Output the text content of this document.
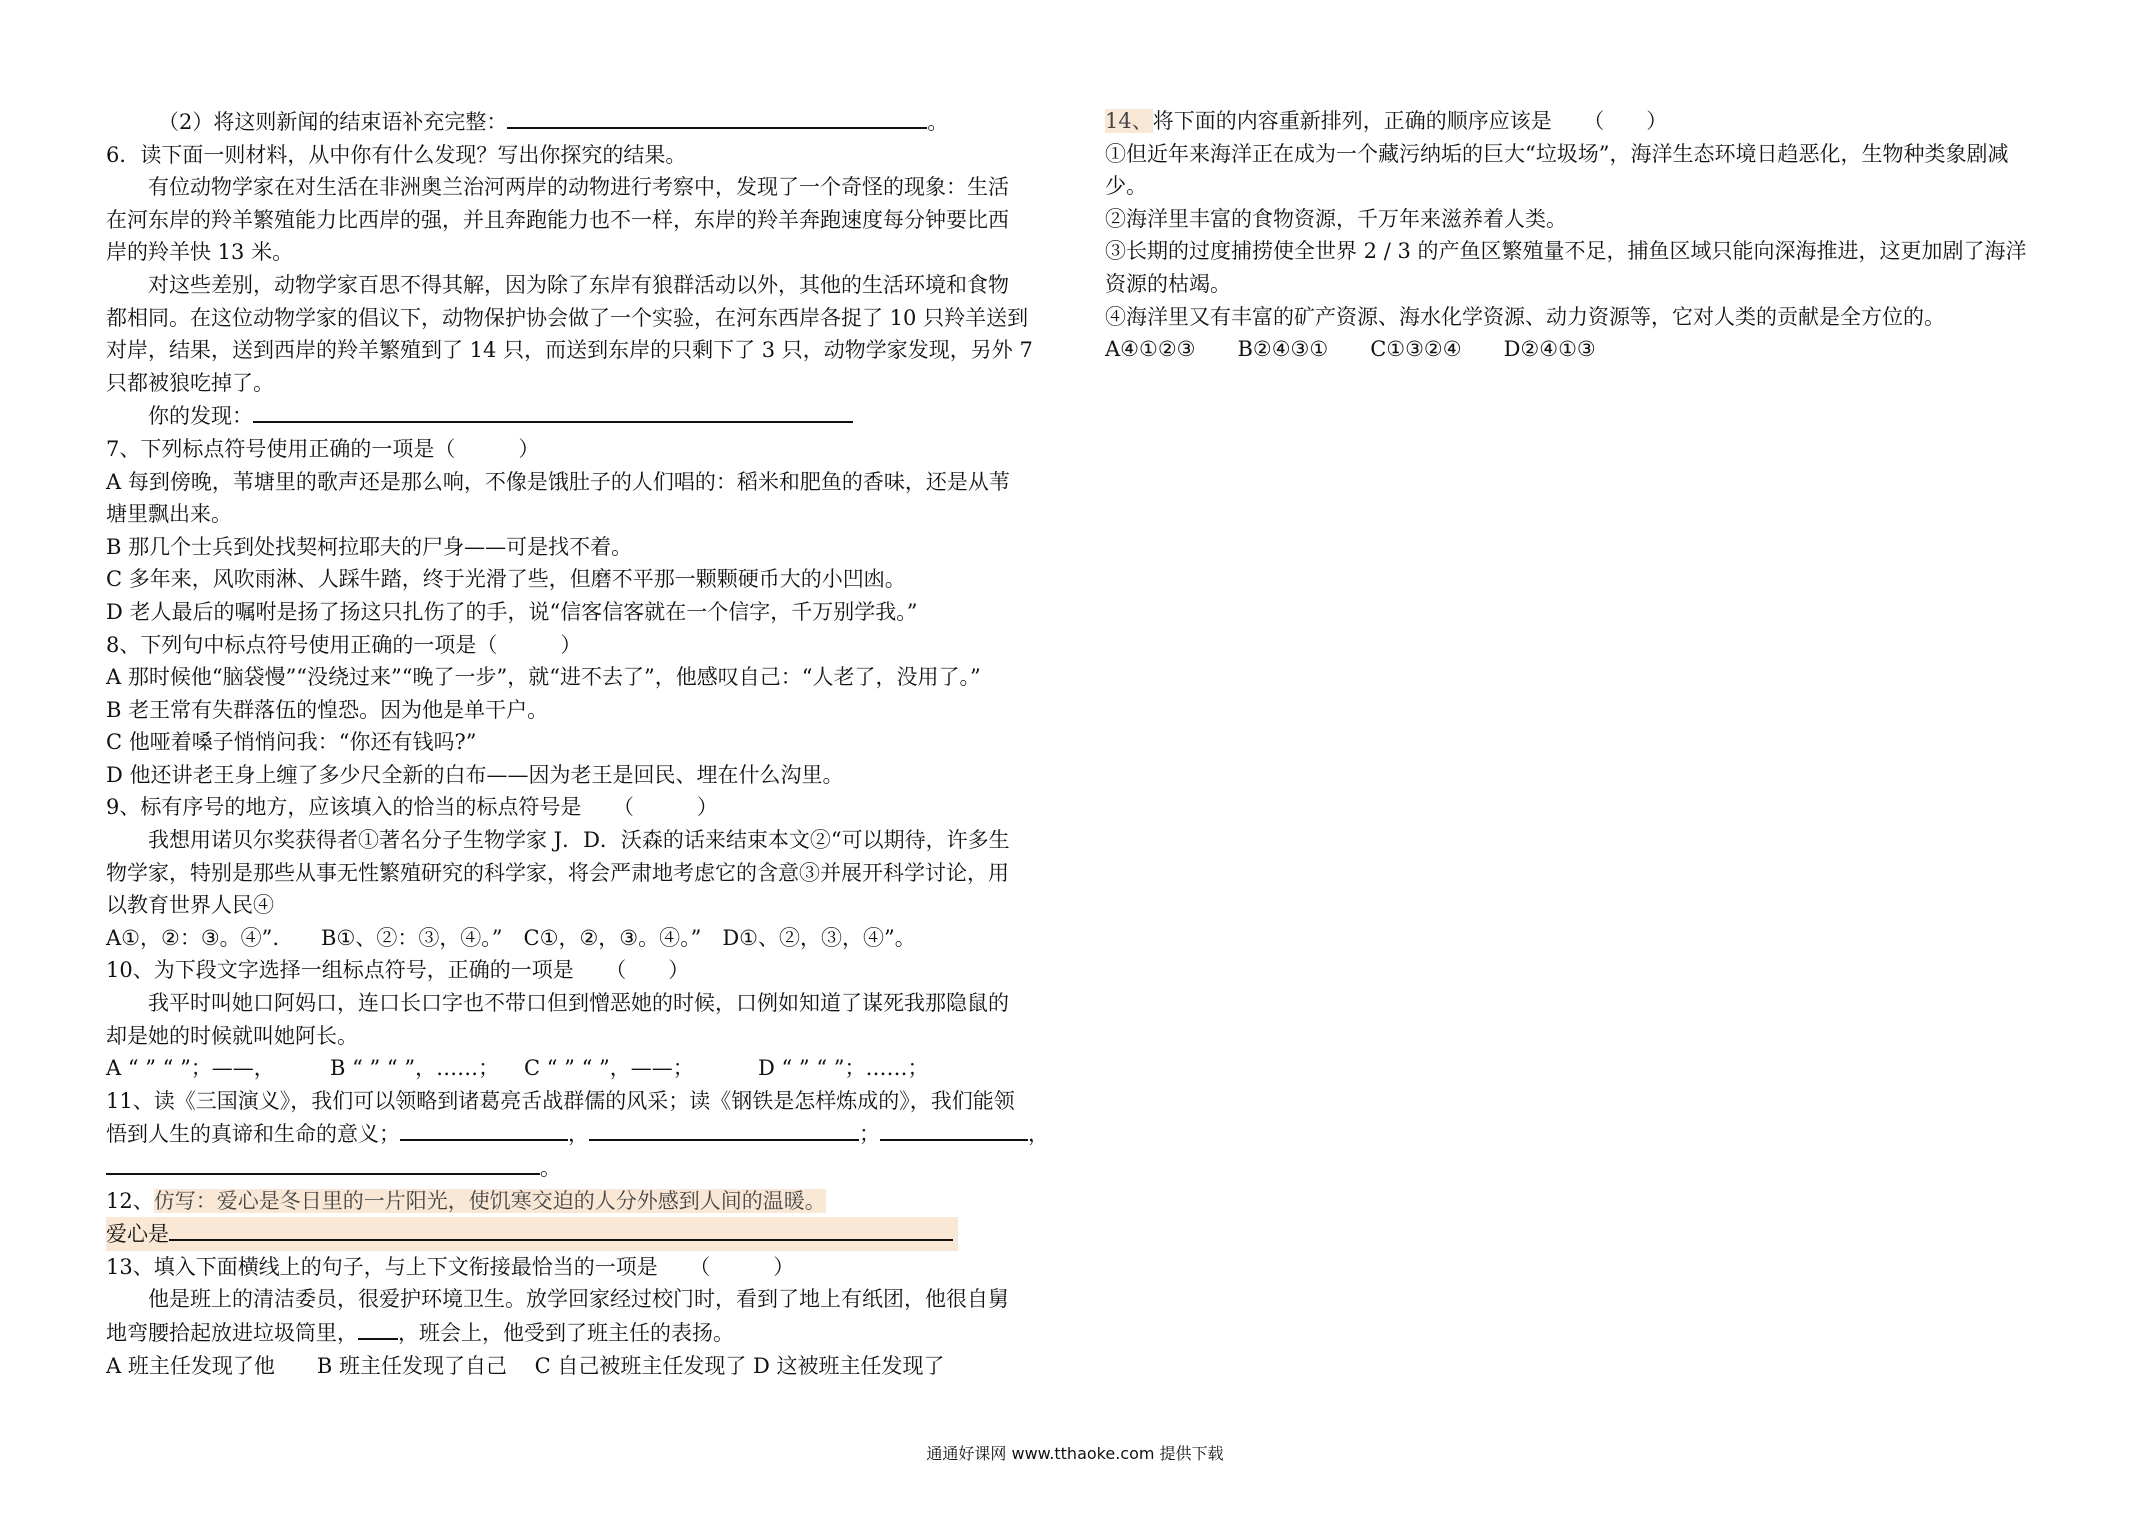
（2）将这则新闻的结束语补充完整：	。
6．读下面一则材料，从中你有什么发现？写出你探究的结果。
有位动物学家在对生活在非洲奥兰治河两岸的动物进行考察中，发现了一个奇怪的现象：生活
在河东岸的羚羊繁殖能力比西岸的强，并且奔跑能力也不一样，东岸的羚羊奔跑速度每分钟要比西
岸的羚羊快 13 米。
对这些差别，动物学家百思不得其解，因为除了东岸有狼群活动以外，其他的生活环境和食物
都相同。在这位动物学家的倡议下，动物保护协会做了一个实验，在河东西岸各捉了 10 只羚羊送到
对岸，结果，送到西岸的羚羊繁殖到了 14 只，而送到东岸的只剩下了 3 只，动物学家发现，另外 7
只都被狼吃掉了。
你的发现：
7、下列标点符号使用正确的一项是（　　　）
A 每到傍晚，苇塘里的歌声还是那么响，不像是饿肚子的人们唱的：稻米和肥鱼的香味，还是从苇
塘里飘出来。
B 那几个士兵到处找契柯拉耶夫的尸身——可是找不着。
C 多年来，风吹雨淋、人踩牛踏，终于光滑了些，但磨不平那一颗颗硬币大的小凹凼。
D 老人最后的嘱咐是扬了扬这只扎伤了的手，说“信客信客就在一个信字，千万别学我。”
8、下列句中标点符号使用正确的一项是（　　　）
A 那时候他“脑袋慢”“没绕过来”“晚了一步”，就“进不去了”，他感叹自己：“人老了，没用了。”
B 老王常有失群落伍的惶恐。因为他是单干户。
C 他哑着嗓子悄悄问我：“你还有钱吗?”
D 他还讲老王身上缠了多少尺全新的白布——因为老王是回民、埋在什么沟里。
9、标有序号的地方，应该填入的恰当的标点符号是　　（　　　）
我想用诺贝尔奖获得者①著名分子生物学家 J．D．沃森的话来结束本文②“可以期待，许多生
物学家，特别是那些从事无性繁殖研究的科学家，将会严肃地考虑它的含意③并展开科学讨论，用
以教育世界人民④
A①，②：③。④”.　　B①、②：③，④。”　C①，②，③。④。”　D①、②，③，④”。
10、为下段文字选择一组标点符号，正确的一项是　　（　　）
我平时叫她口阿妈口，连口长口字也不带口但到憎恶她的时候，口例如知道了谋死我那隐鼠的
却是她的时候就叫她阿长。
A “ ” “ ”；——，	B “ ” “ ”，……； C “ ” “ ”，——；	D “ ” “ ”；……；
11、读《三国演义》，我们可以领略到诸葛亮舌战群儒的风采；读《钢铁是怎样炼成的》，我们能领
悟到人生的真谛和生命的意义；	，	；	，
。
12、仿写：爱心是冬日里的一片阳光，使饥寒交迫的人分外感到人间的温暖。
爱心是
13、填入下面横线上的句子，与上下文衔接最恰当的一项是　　（　　　）
他是班上的清洁委员，很爱护环境卫生。放学回家经过校门时，看到了地上有纸团，他很自舅
地弯腰拾起放进垃圾筒里， ，班会上，他受到了班主任的表扬。
A 班主任发现了他　　B 班主任发现了自己　 C 自己被班主任发现了 D 这被班主任发现了
14、将下面的内容重新排列，正确的顺序应该是　　（　　）
①但近年来海洋正在成为一个藏污纳垢的巨大“垃圾场”，海洋生态环境日趋恶化，生物种类象剧减
少。
②海洋里丰富的食物资源，千万年来滋养着人类。
③长期的过度捕捞使全世界 2 / 3 的产鱼区繁殖量不足，捕鱼区域只能向深海推进，这更加剧了海洋
资源的枯竭。
④海洋里又有丰富的矿产资源、海水化学资源、动力资源等，它对人类的贡献是全方位的。
A④①②③　　B②④③①　　C①③②④　　D②④①③
通通好课网 www.tthaoke.com 提供下载
